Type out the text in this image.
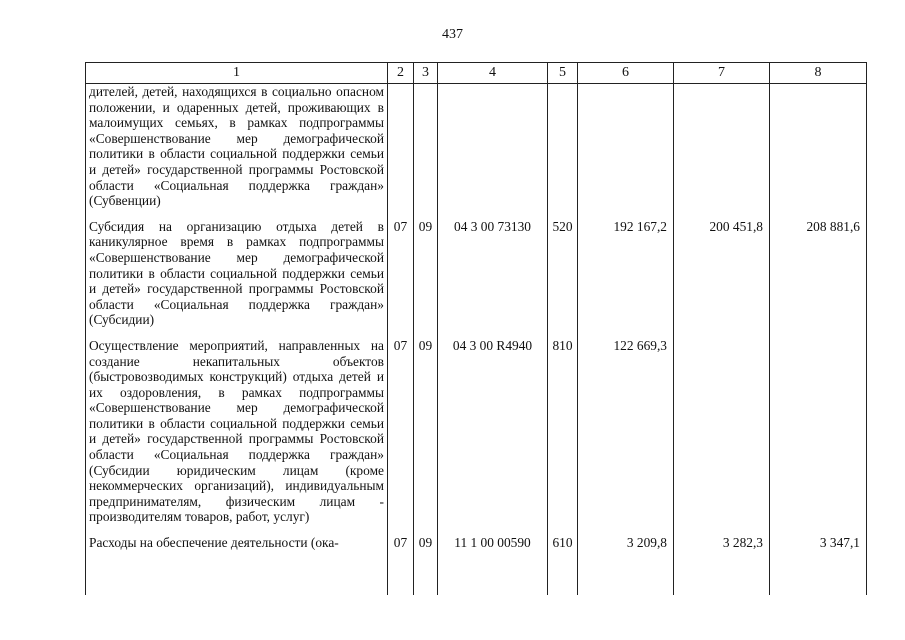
437
1	2	3	4	5	6	7	8
дителей, детей, находящихся в социально опасном положении, и одаренных детей, проживающих в малоимущих семьях, в рамках подпрограммы «Совершенствование мер демографической политики в области социальной поддержки семьи и детей» государственной программы Ростовской области «Социальная поддержка граждан» (Субвенции)							
Субсидия на организацию отдыха детей в каникулярное время в рамках подпрограммы «Совершенствование мер демографической политики в области социальной поддержки семьи и детей» государственной программы Ростовской области «Социальная поддержка граждан» (Субсидии)	07	09	04 3 00 73130	520	192 167,2	200 451,8	208 881,6
Осуществление мероприятий, направленных на создание некапитальных объектов (быстровозводимых конструкций) отдыха детей и их оздоровления, в рамках подпрограммы «Совершенствование мер демографической политики в области социальной поддержки семьи и детей» государственной программы Ростовской области «Социальная поддержка граждан» (Субсидии юридическим лицам (кроме некоммерческих организаций), индивидуальным предпринимателям, физическим лицам - производителям товаров, работ, услуг)	07	09	04 3 00 R4940	810	122 669,3		
Расходы на обеспечение деятельности (ока-	07	09	11 1 00 00590	610	3 209,8	3 282,3	3 347,1
